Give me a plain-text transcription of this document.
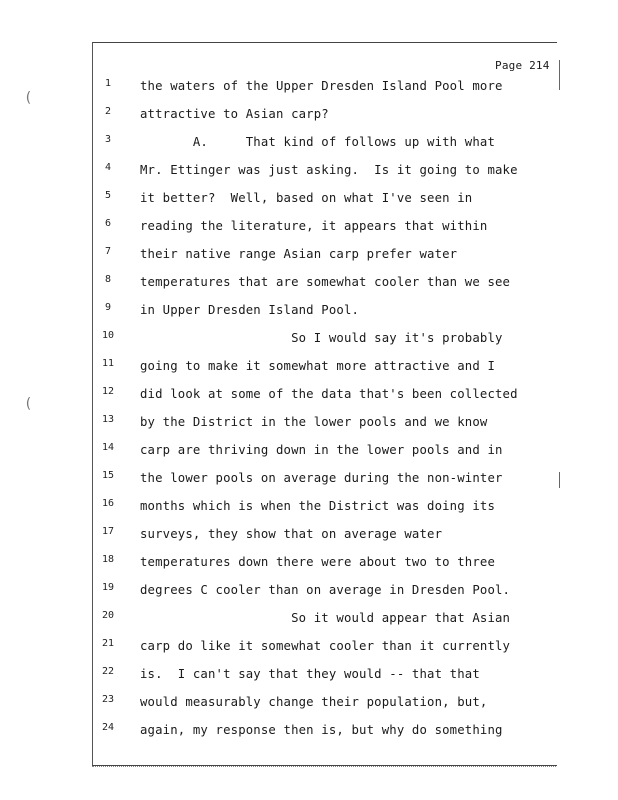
(
(
Page 214
1	the waters of the Upper Dresden Island Pool more
2	attractive to Asian carp?
3	A.     That kind of follows up with what
4	Mr. Ettinger was just asking.  Is it going to make
5	it better?  Well, based on what I've seen in
6	reading the literature, it appears that within
7	their native range Asian carp prefer water
8	temperatures that are somewhat cooler than we see
9	in Upper Dresden Island Pool.
10	So I would say it's probably
11	going to make it somewhat more attractive and I
12	did look at some of the data that's been collected
13	by the District in the lower pools and we know
14	carp are thriving down in the lower pools and in
15	the lower pools on average during the non-winter
16	months which is when the District was doing its
17	surveys, they show that on average water
18	temperatures down there were about two to three
19	degrees C cooler than on average in Dresden Pool.
20	So it would appear that Asian
21	carp do like it somewhat cooler than it currently
22	is.  I can't say that they would -- that that
23	would measurably change their population, but,
24	again, my response then is, but why do something
